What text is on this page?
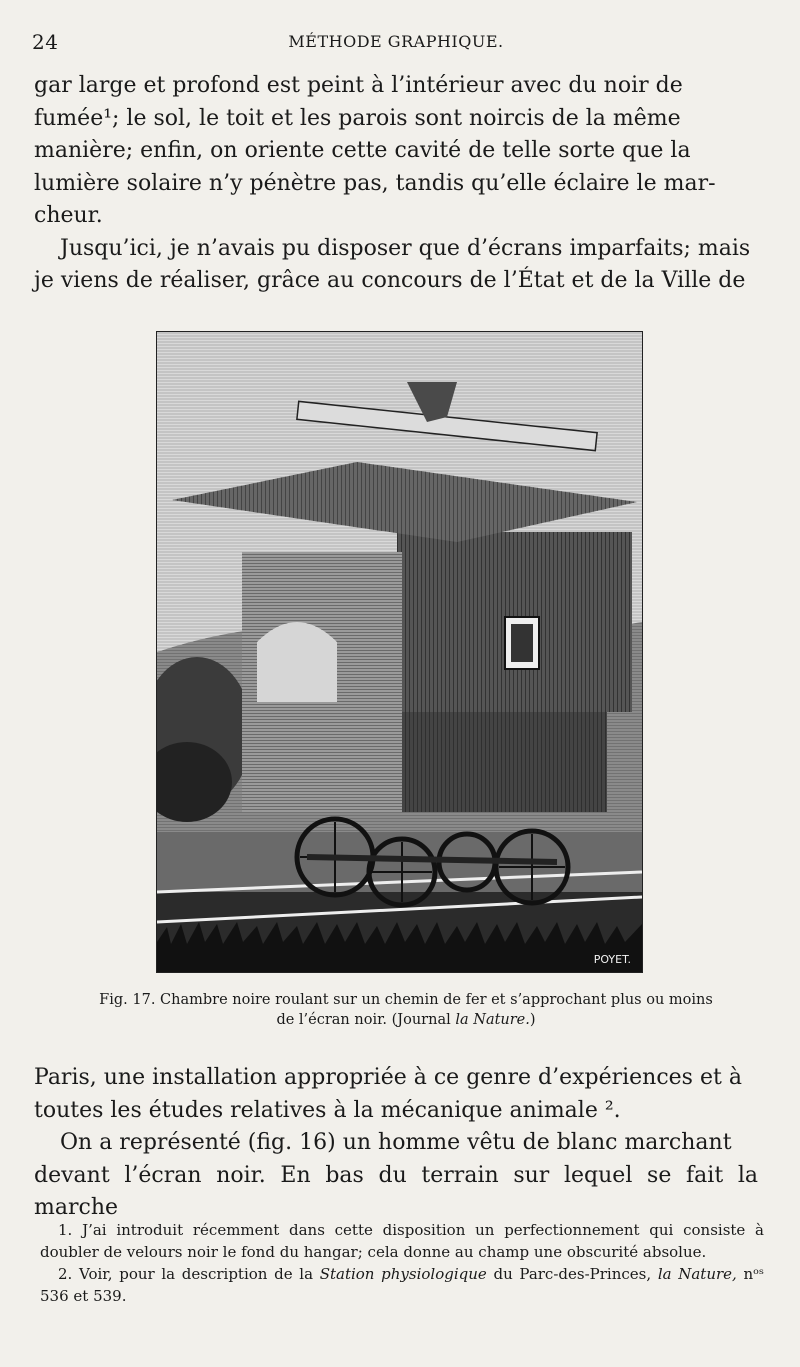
24	MÉTHODE GRAPHIQUE.
gar large et profond est peint à l’intérieur avec du noir de
fumée¹; le sol, le toit et les parois sont noircis de la même
manière; enfin, on oriente cette cavité de telle sorte que la
lumière solaire n’y pénètre pas, tandis qu’elle éclaire le mar-
cheur.
Jusqu’ici, je n’avais pu disposer que d’écrans imparfaits; mais
je viens de réaliser, grâce au concours de l’État et de la Ville de
POYET.
Fig. 17. Chambre noire roulant sur un chemin de fer et s’approchant plus ou moins
de l’écran noir. (Journal la Nature.)
Paris, une installation appropriée à ce genre d’expériences et à
toutes les études relatives à la mécanique animale ².
On a représenté (fig. 16) un homme vêtu de blanc marchant
devant l’écran noir. En bas du terrain sur lequel se fait la marche

1. J’ai introduit récemment dans cette disposition un perfectionnement qui consiste à doubler de velours noir le fond du hangar; cela donne au champ une obscurité absolue.

2. Voir, pour la description de la Station physiologique du Parc-des-Princes, la Nature, nᵒˢ 536 et 539.
